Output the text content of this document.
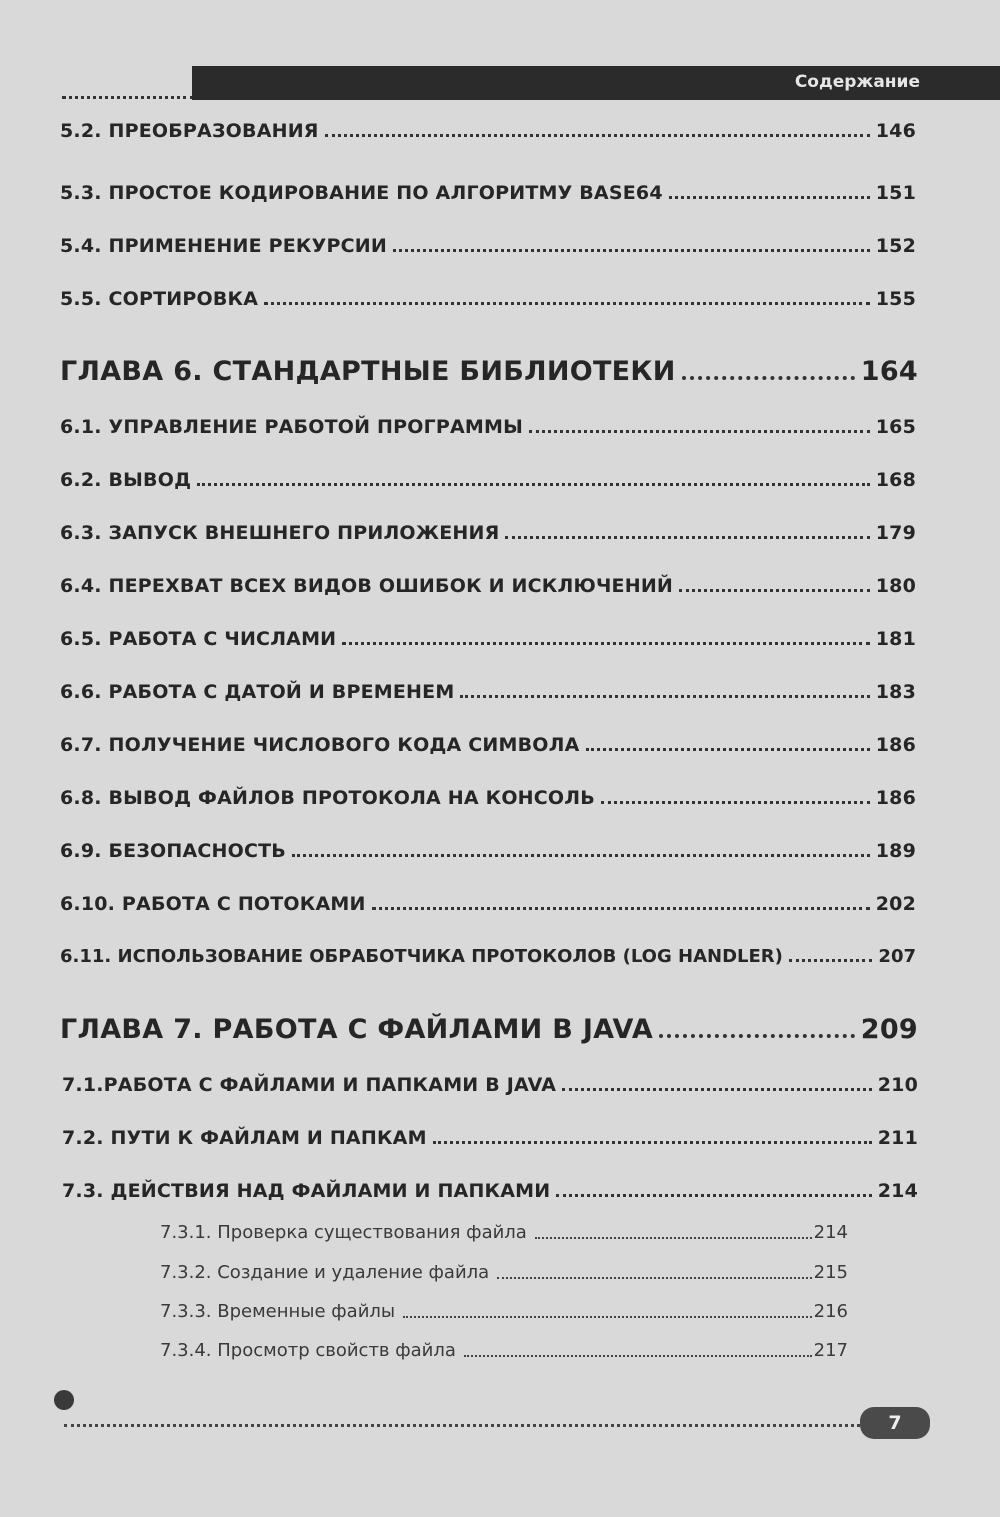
Содержание
5.2. ПРЕОБРАЗОВАНИЯ	146
5.3. ПРОСТОЕ КОДИРОВАНИЕ ПО АЛГОРИТМУ BASE64	151
5.4. ПРИМЕНЕНИЕ РЕКУРСИИ	152
5.5. СОРТИРОВКА	155
ГЛАВА 6. СТАНДАРТНЫЕ БИБЛИОТЕКИ	164
6.1. УПРАВЛЕНИЕ РАБОТОЙ ПРОГРАММЫ	165
6.2. ВЫВОД	168
6.3. ЗАПУСК ВНЕШНЕГО ПРИЛОЖЕНИЯ	179
6.4. ПЕРЕХВАТ ВСЕХ ВИДОВ ОШИБОК И ИСКЛЮЧЕНИЙ	180
6.5. РАБОТА С ЧИСЛАМИ	181
6.6. РАБОТА С ДАТОЙ И ВРЕМЕНЕМ	183
6.7. ПОЛУЧЕНИЕ ЧИСЛОВОГО КОДА СИМВОЛА	186
6.8. ВЫВОД ФАЙЛОВ ПРОТОКОЛА НА КОНСОЛЬ	186
6.9. БЕЗОПАСНОСТЬ	189
6.10. РАБОТА С ПОТОКАМИ	202
6.11. ИСПОЛЬЗОВАНИЕ ОБРАБОТЧИКА ПРОТОКОЛОВ (LOG HANDLER)	207
ГЛАВА 7. РАБОТА С ФАЙЛАМИ В JAVA	209
7.1.РАБОТА С ФАЙЛАМИ И ПАПКАМИ В JAVA	210
7.2. ПУТИ К ФАЙЛАМ И ПАПКАМ	211
7.3. ДЕЙСТВИЯ НАД ФАЙЛАМИ И ПАПКАМИ	214
7.3.1. Проверка существования файла	214
7.3.2. Создание и удаление файла	215
7.3.3. Временные файлы	216
7.3.4. Просмотр свойств файла	217
7
